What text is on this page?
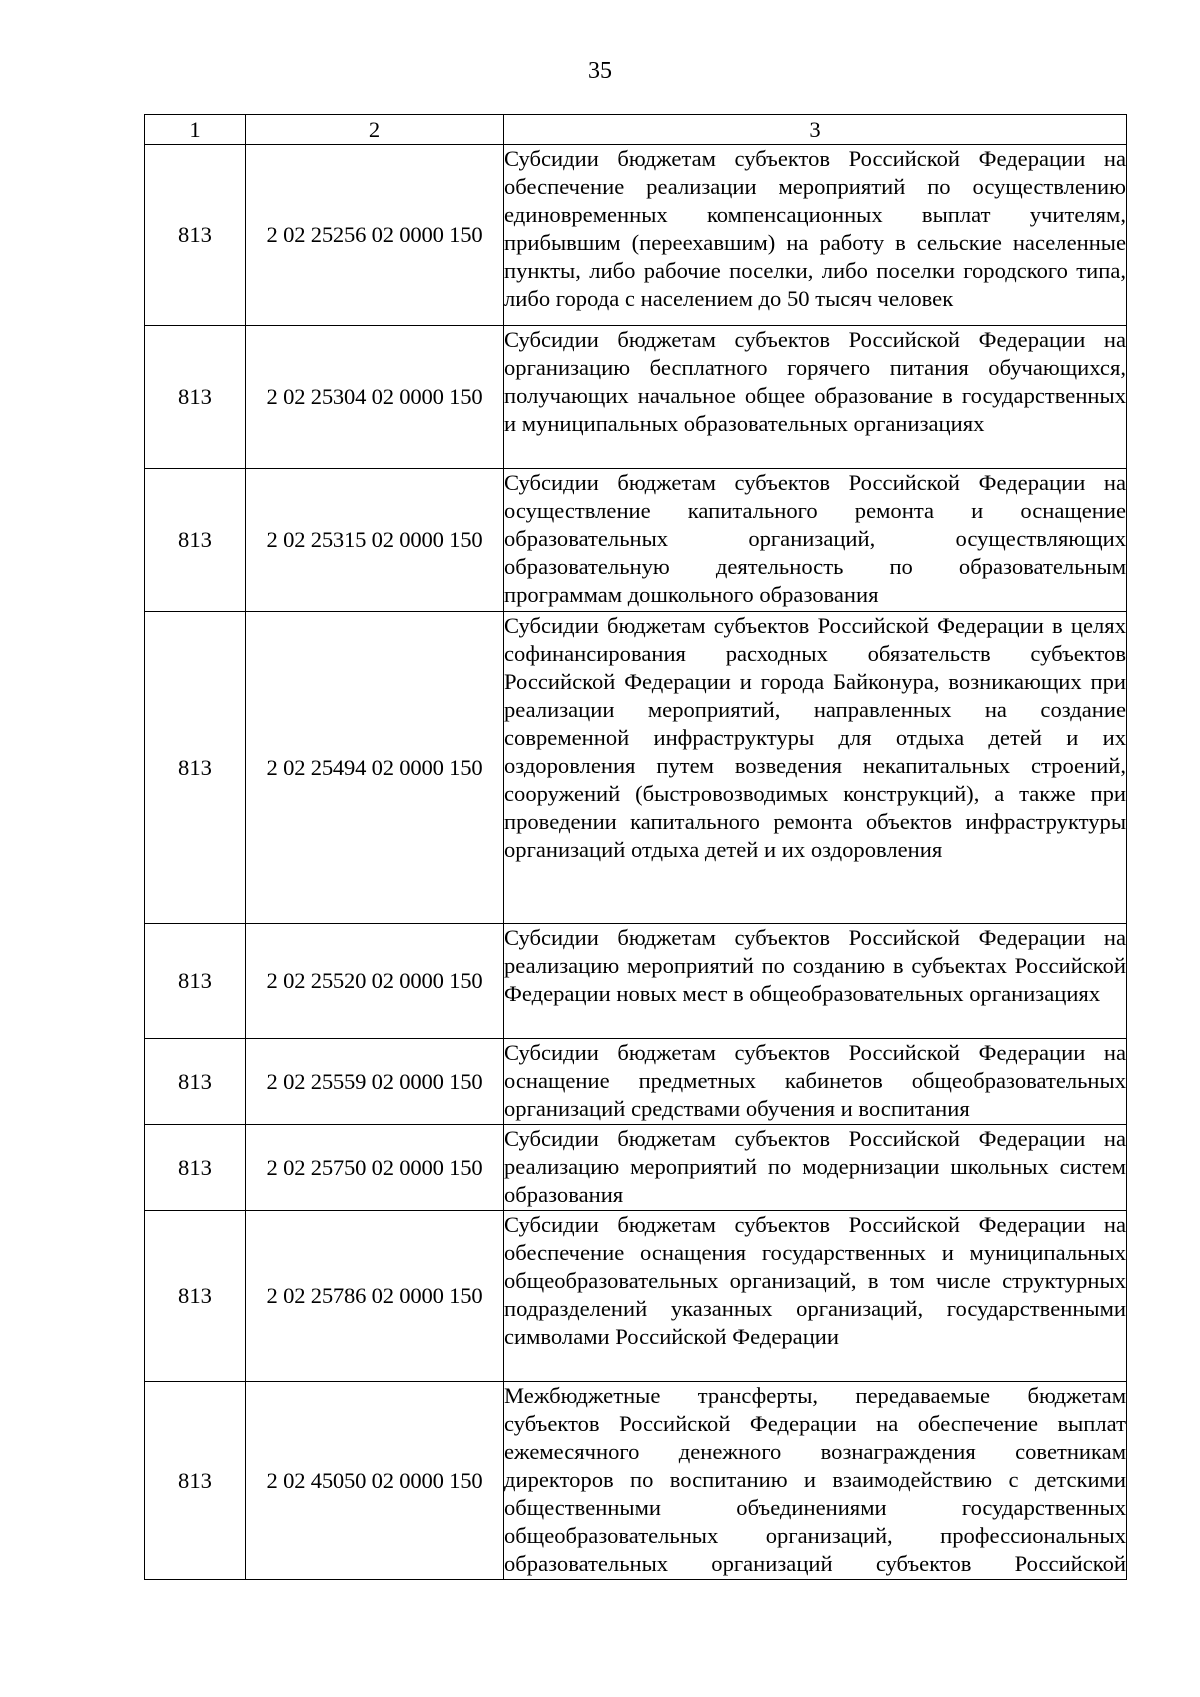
35
1	2	3
813	2 02 25256 02 0000 150	Субсидии бюджетам субъектов Российской Федерации на обеспечение реализации мероприятий по осуществлению единовременных компенсационных выплат учителям, прибывшим (переехавшим) на работу в сельские населенные пункты, либо рабочие поселки, либо поселки городского типа, либо города с населением до 50 тысяч человек
813	2 02 25304 02 0000 150	Субсидии бюджетам субъектов Российской Федерации на организацию бесплатного горячего питания обучающихся, получающих начальное общее образование в государственных и муниципальных образовательных организациях
813	2 02 25315 02 0000 150	Субсидии бюджетам субъектов Российской Федерации на осуществление капитального ремонта и оснащение образовательных организаций, осуществляющих образовательную деятельность по образовательным программам дошкольного образования
813	2 02 25494 02 0000 150	Субсидии бюджетам субъектов Российской Федерации в целях софинансирования расходных обязательств субъектов Российской Федерации и города Байконура, возникающих при реализации мероприятий, направленных на создание современной инфраструктуры для отдыха детей и их оздоровления путем возведения некапитальных строений, сооружений (быстровозводимых конструкций), а также при проведении капитального ремонта объектов инфраструктуры организаций отдыха детей и их оздоровления
813	2 02 25520 02 0000 150	Субсидии бюджетам субъектов Российской Федерации на реализацию мероприятий по созданию в субъектах Российской Федерации новых мест в общеобразовательных организациях
813	2 02 25559 02 0000 150	Субсидии бюджетам субъектов Российской Федерации на оснащение предметных кабинетов общеобразовательных организаций средствами обучения и воспитания
813	2 02 25750 02 0000 150	Субсидии бюджетам субъектов Российской Федерации на реализацию мероприятий по модернизации школьных систем образования
813	2 02 25786 02 0000 150	Субсидии бюджетам субъектов Российской Федерации на обеспечение оснащения государственных и муниципальных общеобразовательных организаций, в том числе структурных подразделений указанных организаций, государственными символами Российской Федерации
813	2 02 45050 02 0000 150	Межбюджетные трансферты, передаваемые бюджетам субъектов Российской Федерации на обеспечение выплат ежемесячного денежного вознаграждения советникам директоров по воспитанию и взаимодействию с детскими общественными объединениями государственных общеобразовательных организаций, профессиональных образовательных организаций субъектов Российской
